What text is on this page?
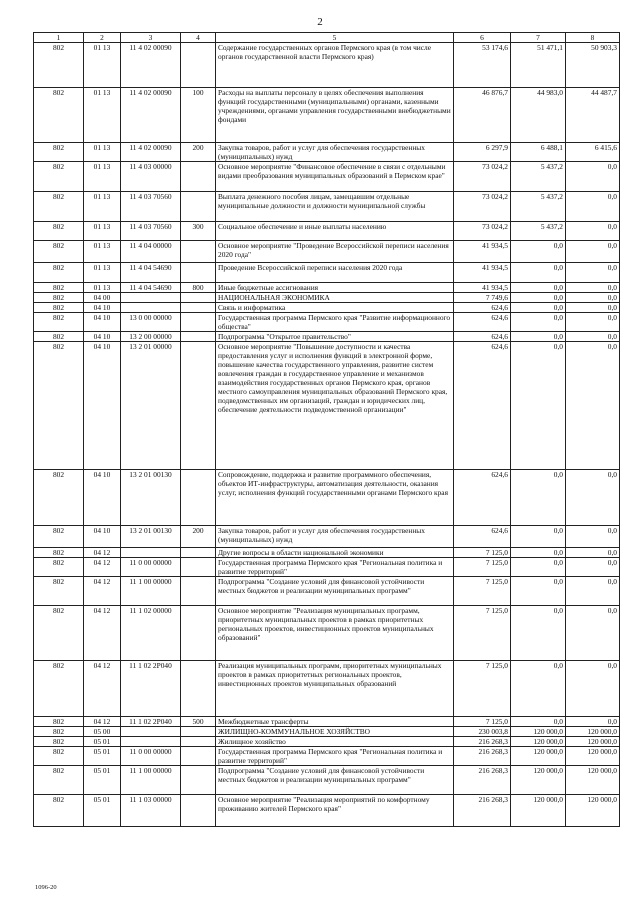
2
1	2	3	4	5	6	7	8
802	01 13	11 4 02 00090		Содержание государственных органов Пермского края (в том числе органов государственной власти Пермского края)	53 174,6	51 471,1	50 903,3
802	01 13	11 4 02 00090	100	Расходы на выплаты персоналу в целях обеспечения выполнения функций государственными (муниципальными) органами, казенными учреждениями, органами управления государственными внебюджетными фондами	46 876,7	44 983,0	44 487,7
802	01 13	11 4 02 00090	200	Закупка товаров, работ и услуг для обеспечения государственных (муниципальных) нужд	6 297,9	6 488,1	6 415,6
802	01 13	11 4 03 00000		Основное мероприятие "Финансовое обеспечение в связи с отдельными видами преобразования муниципальных образований в Пермском крае"	73 024,2	5 437,2	0,0
802	01 13	11 4 03 70560		Выплата денежного пособия лицам, замещавшим отдельные муниципальные должности и должности муниципальной службы	73 024,2	5 437,2	0,0
802	01 13	11 4 03 70560	300	Социальное обеспечение и иные выплаты населению	73 024,2	5 437,2	0,0
802	01 13	11 4 04 00000		Основное мероприятие "Проведение Всероссийской переписи населения 2020 года"	41 934,5	0,0	0,0
802	01 13	11 4 04 54690		Проведение Всероссийской переписи населения 2020 года	41 934,5	0,0	0,0
802	01 13	11 4 04 54690	800	Иные бюджетные ассигнования	41 934,5	0,0	0,0
802	04 00			НАЦИОНАЛЬНАЯ ЭКОНОМИКА	7 749,6	0,0	0,0
802	04 10			Связь и информатика	624,6	0,0	0,0
802	04 10	13 0 00 00000		Государственная программа Пермского края "Развитие информационного общества"	624,6	0,0	0,0
802	04 10	13 2 00 00000		Подпрограмма "Открытое правительство"	624,6	0,0	0,0
802	04 10	13 2 01 00000		Основное мероприятие "Повышение доступности и качества предоставления услуг и исполнения функций в электронной форме, повышение качества государственного управления, развитие систем вовлечения граждан в государственное управление и механизмов взаимодействия государственных органов Пермского края, органов местного самоуправления муниципальных образований Пермского края, подведомственных им организаций, граждан и юридических лиц, обеспечение деятельности подведомственной организации"	624,6	0,0	0,0
802	04 10	13 2 01 00130		Сопровождение, поддержка и развитие программного обеспечения, объектов ИТ-инфраструктуры, автоматизация деятельности, оказания услуг, исполнения функций государственными органами Пермского края	624,6	0,0	0,0
802	04 10	13 2 01 00130	200	Закупка товаров, работ и услуг для обеспечения государственных (муниципальных) нужд	624,6	0,0	0,0
802	04 12			Другие вопросы в области национальной экономики	7 125,0	0,0	0,0
802	04 12	11 0 00 00000		Государственная программа Пермского края "Региональная политика и развитие территорий"	7 125,0	0,0	0,0
802	04 12	11 1 00 00000		Подпрограмма "Создание условий для финансовой устойчивости местных бюджетов и реализации муниципальных программ"	7 125,0	0,0	0,0
802	04 12	11 1 02 00000		Основное мероприятие "Реализация муниципальных программ, приоритетных муниципальных проектов в рамках приоритетных региональных проектов, инвестиционных проектов муниципальных образований"	7 125,0	0,0	0,0
802	04 12	11 1 02 2Р040		Реализация муниципальных программ, приоритетных муниципальных проектов в рамках приоритетных региональных проектов, инвестиционных проектов муниципальных образований	7 125,0	0,0	0,0
802	04 12	11 1 02 2Р040	500	Межбюджетные трансферты	7 125,0	0,0	0,0
802	05 00			ЖИЛИЩНО-КОММУНАЛЬНОЕ ХОЗЯЙСТВО	230 003,8	120 000,0	120 000,0
802	05 01			Жилищное хозяйство	216 268,3	120 000,0	120 000,0
802	05 01	11 0 00 00000		Государственная программа Пермского края "Региональная политика и развитие территорий"	216 268,3	120 000,0	120 000,0
802	05 01	11 1 00 00000		Подпрограмма "Создание условий для финансовой устойчивости местных бюджетов и реализации муниципальных программ"	216 268,3	120 000,0	120 000,0
802	05 01	11 1 03 00000		Основное мероприятие "Реализация мероприятий по комфортному проживанию жителей Пермского края"	216 268,3	120 000,0	120 000,0
1096-20
